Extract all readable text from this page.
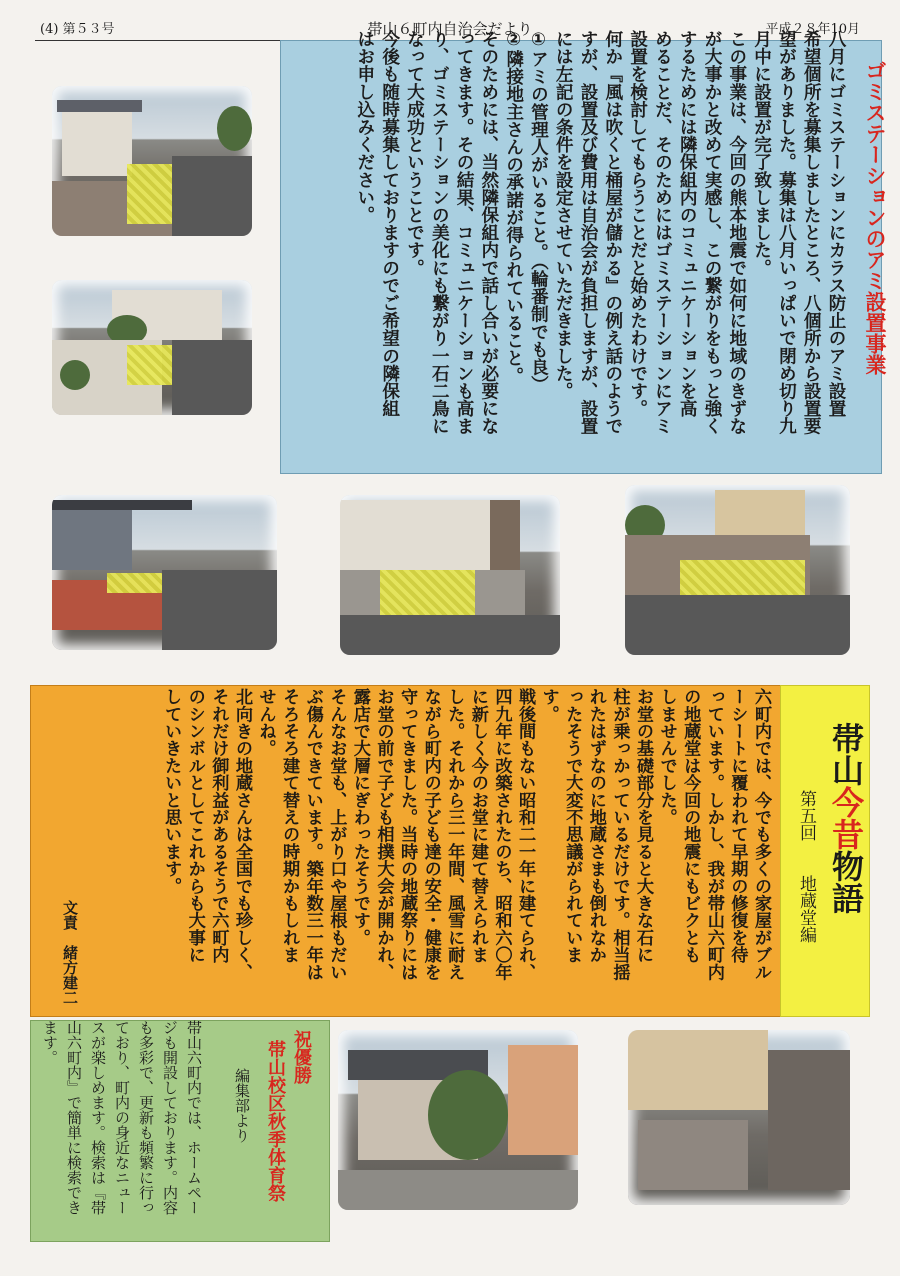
(4) 第５３号	帯山６町内自治会だより	平成２８年10月
ゴミステーションのアミ設置事業
八月にゴミステーションにカラス防止のアミ設置
希望個所を募集しましたところ、八個所から設置要
望がありました。募集は八月いっぱいで閉め切り九
月中に設置が完了致しました。
この事業は、今回の熊本地震で如何に地域のきずな
が大事かと改めて実感し、この繋がりをもっと強く
するためには隣保組内のコミュニケーションを高
めることだ、そのためにはゴミステーションにアミ
設置を検討してもらうことだと始めたわけです。
何か『風は吹くと桶屋が儲かる』の例え話のようで
すが、設置及び費用は自治会が負担しますが、設置
には左記の条件を設定させていただきました。
①アミの管理人がいること。（輪番制でも良）
②隣接地主さんの承諾が得られていること。
そのためには、当然隣保組内で話し合いが必要にな
ってきます。その結果、コミュニケーションも高ま
り、ゴミステーションの美化にも繋がり一石二鳥に
なって大成功ということです。
今後も随時募集しておりますのでご希望の隣保組
はお申し込みください。
六町内では、今でも多くの家屋がブル
ーシートに覆われて早期の修復を待
っています。しかし、我が帯山六町内
の地蔵堂は今回の地震にもビクとも
しませんでした。
お堂の基礎部分を見ると大きな石に
柱が乗っかっているだけです。相当揺
れたはずなのに地蔵さまも倒れなか
ったそうで大変不思議がられていま
す。
戦後間もない昭和二一年に建てられ、
四九年に改築されたのち、昭和六〇年
に新しく今のお堂に建て替えられま
した。それから三一年間、風雪に耐え
ながら町内の子ども達の安全・健康を
守ってきました。当時の地蔵祭りには
お堂の前で子ども相撲大会が開かれ、
露店で大層にぎわったそうです。
そんなお堂も、上がり口や屋根もだい
ぶ傷んできています。築年数三一年は
そろそろ建て替えの時期かもしれま
せんね。
北向きの地蔵さんは全国でも珍しく、
それだけ御利益があるそうで六町内
のシンボルとしてこれからも大事に
していきたいと思います。
文責　緒方建二
帯山今昔物語
第五回
地蔵堂編
祝優勝
帯山校区秋季体育祭
編集部より
帯山六町内では、ホームペー
ジも開設しております。内容
も多彩で、更新も頻繁に行っ
ており、町内の身近なニュー
スが楽しめます。検索は『帯
山六町内』で簡単に検索でき
ます。
